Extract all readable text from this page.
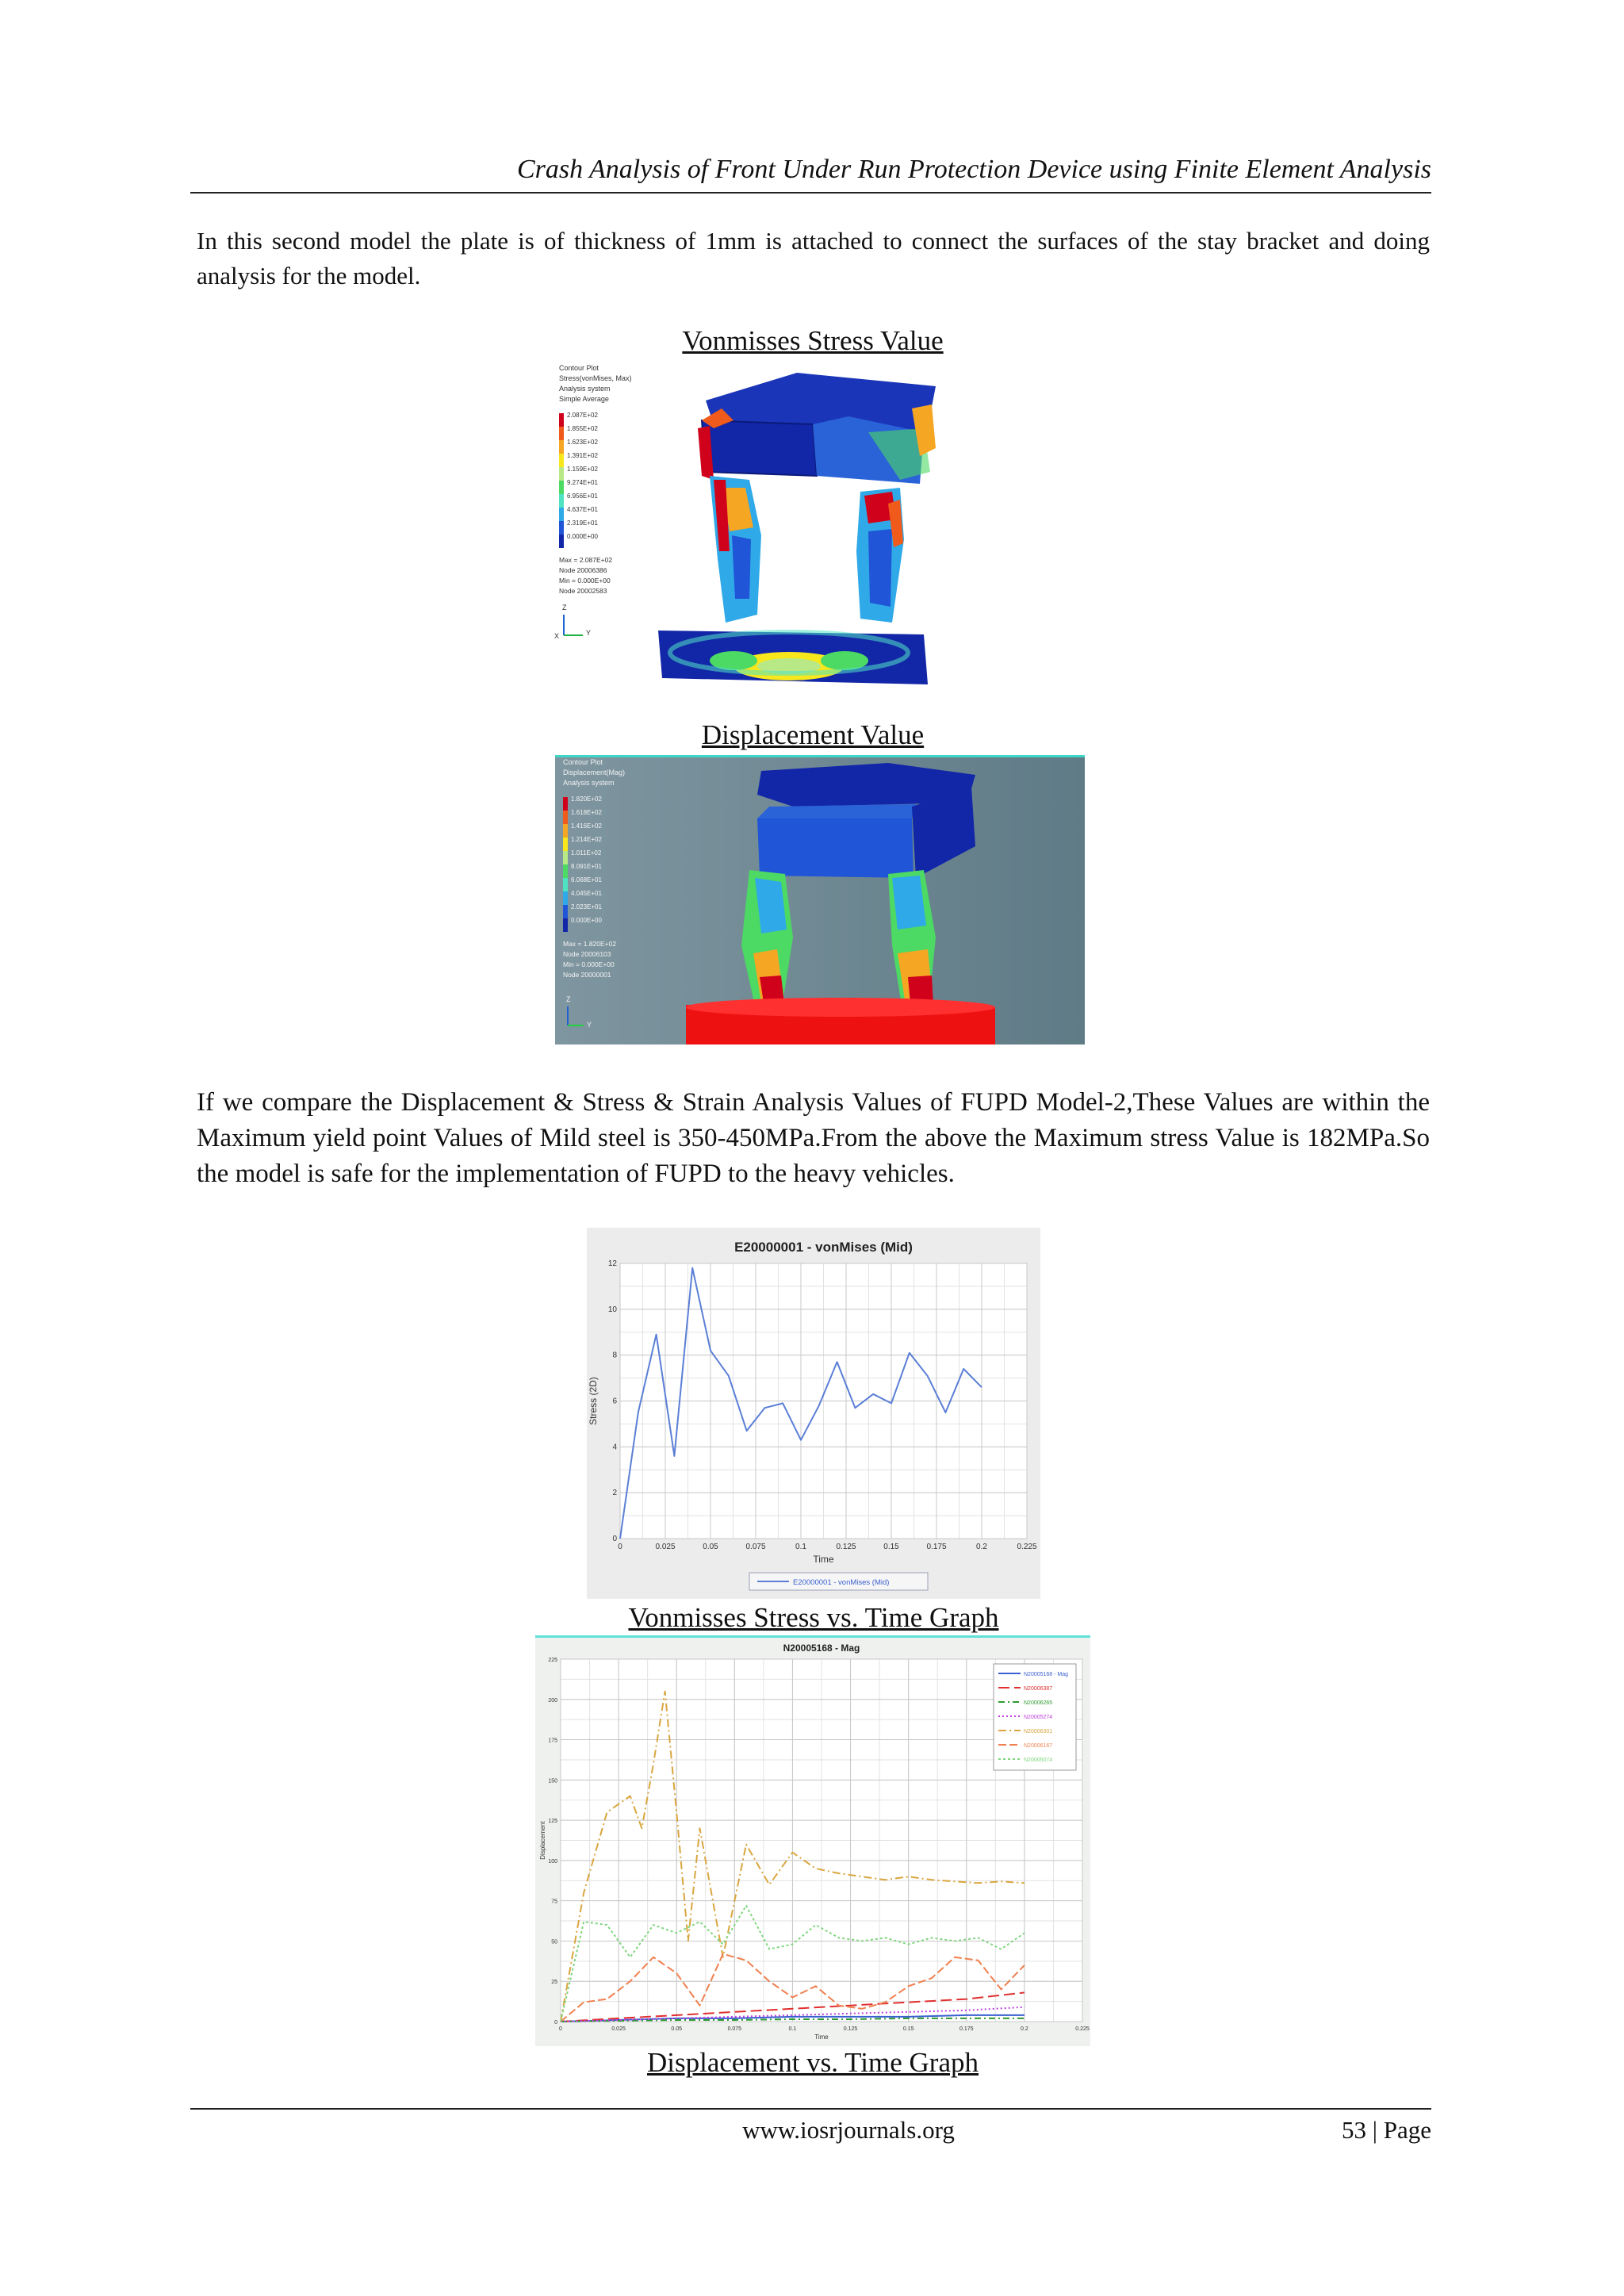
Crash Analysis of Front Under Run Protection Device using Finite Element Analysis
In this second model the plate is of thickness of 1mm is attached to connect the surfaces of the stay bracket and doing analysis for the model.
Vonmisses Stress Value
Contour Plot
Stress(vonMises, Max)
Analysis system
Simple Average
2.087E+02
1.855E+02
1.623E+02
1.391E+02
1.159E+02
9.274E+01
6.956E+01
4.637E+01
2.319E+01
0.000E+00
Max = 2.087E+02
Node 20006386
Min = 0.000E+00
Node 20002583
Z
Y
X
Displacement Value
Contour Plot
Displacement(Mag)
Analysis system
1.820E+02
1.618E+02
1.416E+02
1.214E+02
1.011E+02
8.091E+01
6.068E+01
4.045E+01
2.023E+01
0.000E+00
Max = 1.820E+02
Node 20006103
Min = 0.000E+00
Node 20000001
Z
Y
If we compare the Displacement & Stress & Strain Analysis Values of FUPD Model-2,These Values are within the Maximum yield point Values of Mild steel is 350-450MPa.From the above the Maximum stress Value is 182MPa.So the model is safe for the implementation of FUPD to the heavy vehicles.
E20000001 - vonMises (Mid)
0	0.025	0.05	0.075	0.1	0.125	0.15	0.175	0.2	0.225
0
2
4
6
8
10
12
Time
Stress (2D)
E20000001 - vonMises (Mid)
Vonmisses Stress vs. Time Graph
N20005168 - Mag
0	0.025	0.05	0.075	0.1	0.125	0.15	0.175	0.2	0.225
0
25
50
75
100
125
150
175
200
225
Time
Displacement
N20005168 - Mag
N20006387
N20006265
N20005274
N20006301
N20006167
N20005074
Displacement vs. Time Graph
www.iosrjournals.org	53 | Page
